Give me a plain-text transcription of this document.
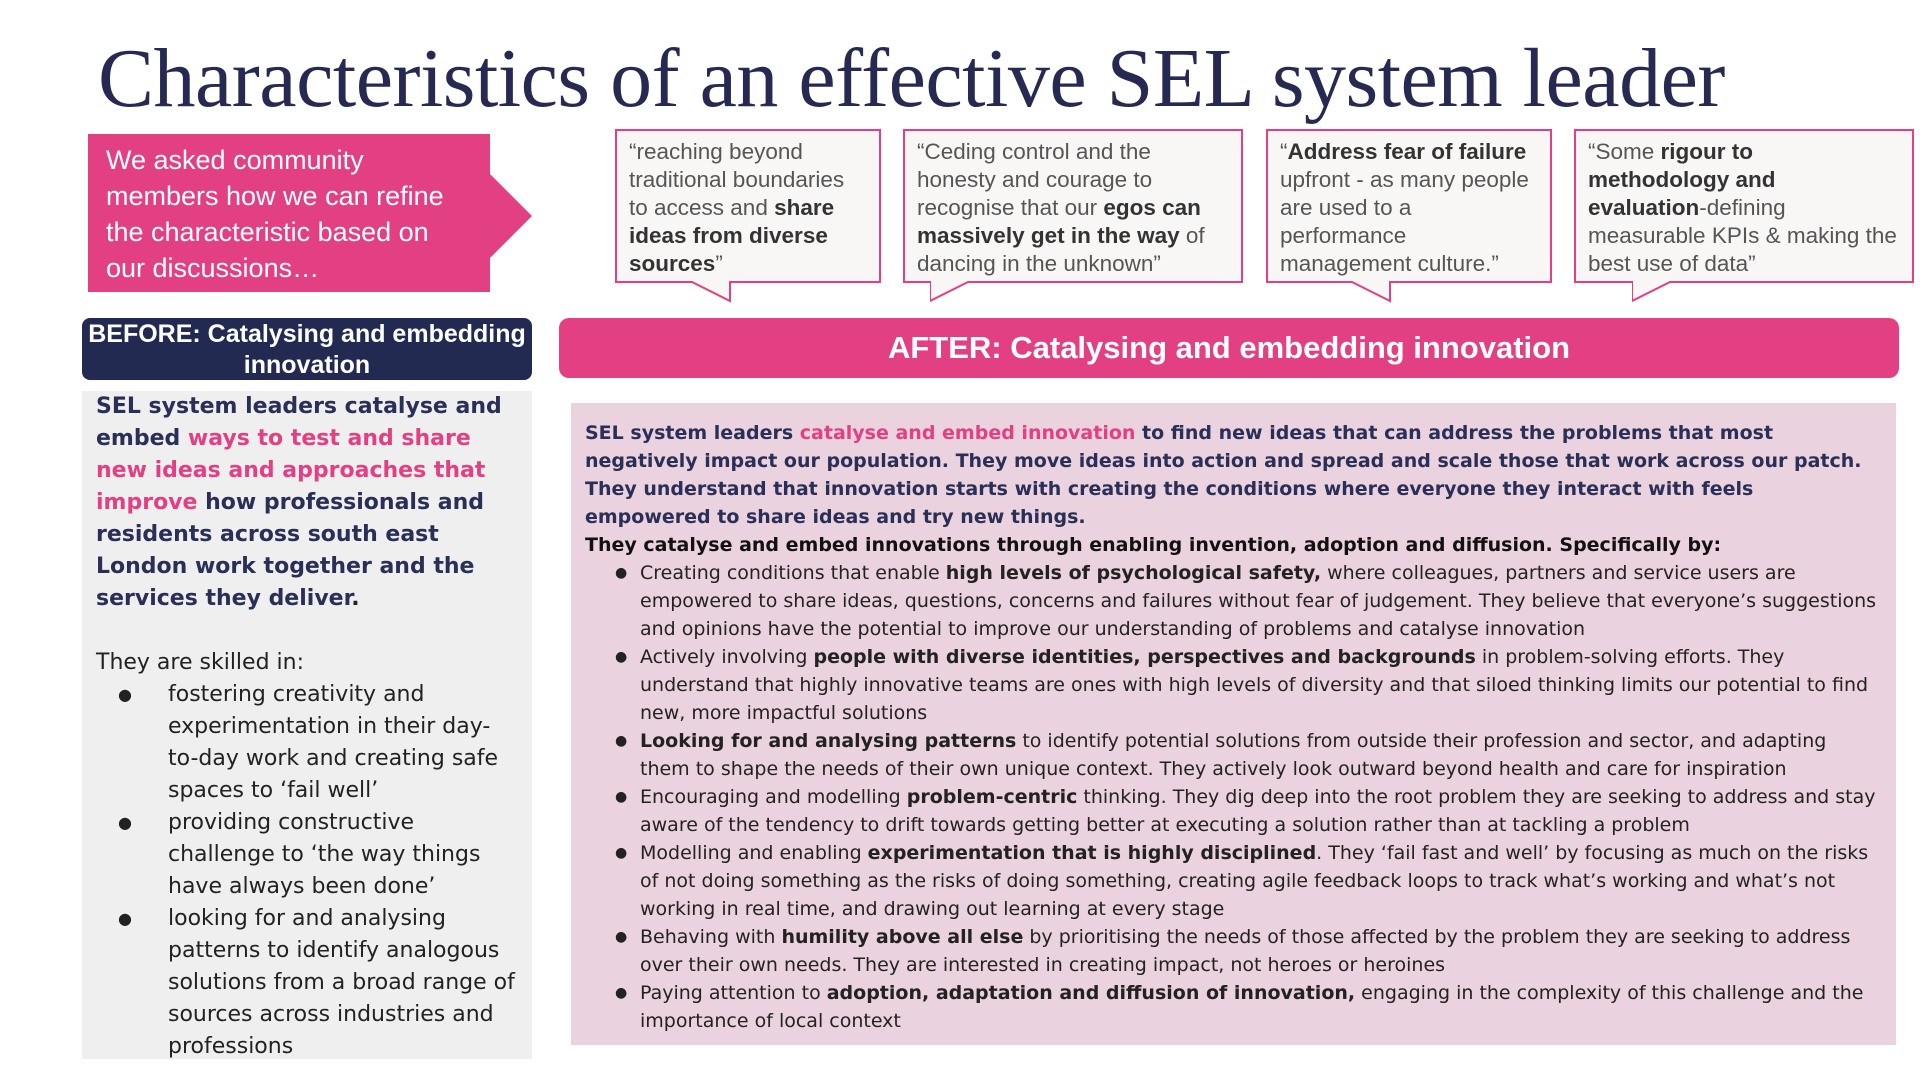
Characteristics of an effective SEL system leader
We asked community members how we can refine the characteristic based on our discussions…
“reaching beyond traditional boundaries to access and share ideas from diverse sources”
“Ceding control and the honesty and courage to recognise that our egos can massively get in the way of dancing in the unknown”
“Address fear of failure upfront - as many people are used to a performance management culture.”
“Some rigour to methodology and evaluation-defining measurable KPIs & making the best use of data”
BEFORE: Catalysing and embedding innovation	AFTER: Catalysing and embedding innovation

SEL system leaders catalyse and embed ways to test and share new ideas and approaches that improve how professionals and residents across south east London work together and the services they deliver.

They are skilled in:

● fostering creativity and experimentation in their day-to-day work and creating safe spaces to ‘fail well’
● providing constructive challenge to ‘the way things have always been done’
● looking for and analysing patterns to identify analogous solutions from a broad range of sources across industries and professions

SEL system leaders catalyse and embed innovation to find new ideas that can address the problems that most negatively impact our population. They move ideas into action and spread and scale those that work across our patch. They understand that innovation starts with creating the conditions where everyone they interact with feels empowered to share ideas and try new things.

They catalyse and embed innovations through enabling invention, adoption and diffusion. Specifically by:

● Creating conditions that enable high levels of psychological safety, where colleagues, partners and service users are empowered to share ideas, questions, concerns and failures without fear of judgement. They believe that everyone’s suggestions and opinions have the potential to improve our understanding of problems and catalyse innovation
● Actively involving people with diverse identities, perspectives and backgrounds in problem-solving efforts. They understand that highly innovative teams are ones with high levels of diversity and that siloed thinking limits our potential to find new, more impactful solutions
● Looking for and analysing patterns to identify potential solutions from outside their profession and sector, and adapting them to shape the needs of their own unique context. They actively look outward beyond health and care for inspiration
● Encouraging and modelling problem-centric thinking. They dig deep into the root problem they are seeking to address and stay aware of the tendency to drift towards getting better at executing a solution rather than at tackling a problem
● Modelling and enabling experimentation that is highly disciplined. They ‘fail fast and well’ by focusing as much on the risks of not doing something as the risks of doing something, creating agile feedback loops to track what’s working and what’s not working in real time, and drawing out learning at every stage
● Behaving with humility above all else by prioritising the needs of those affected by the problem they are seeking to address over their own needs. They are interested in creating impact, not heroes or heroines
● Paying attention to adoption, adaptation and diffusion of innovation, engaging in the complexity of this challenge and the importance of local context
